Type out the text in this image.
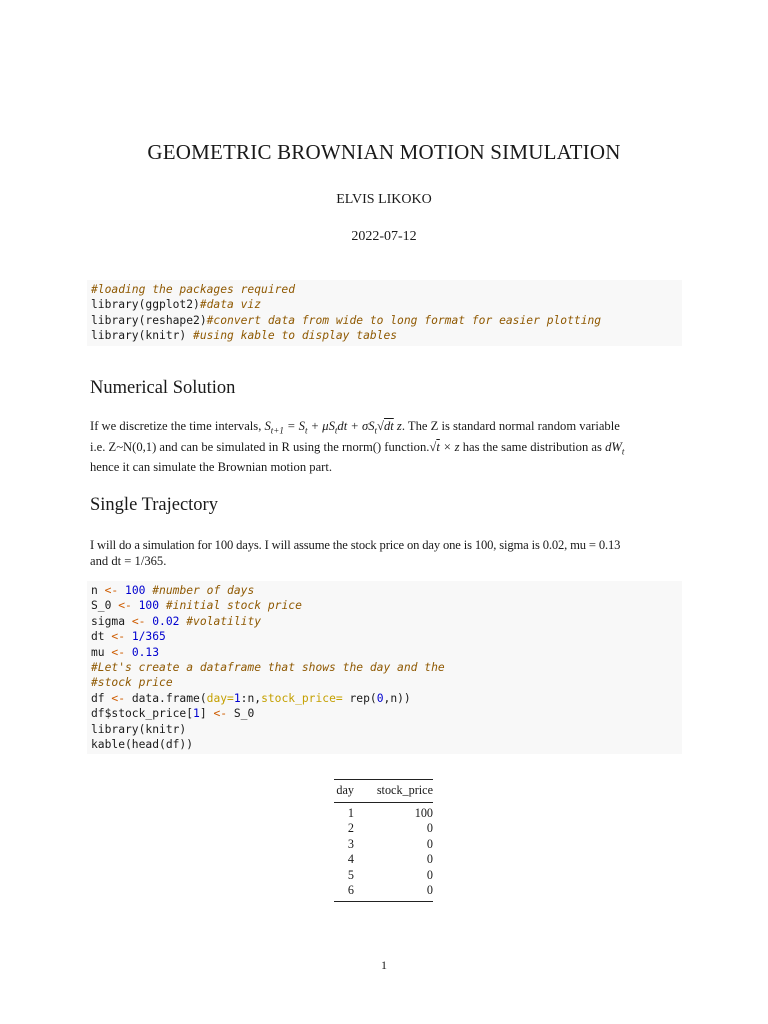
GEOMETRIC BROWNIAN MOTION SIMULATION
ELVIS LIKOKO
2022-07-12
#loading the packages required
library(ggplot2)#data viz
library(reshape2)#convert data from wide to long format for easier plotting
library(knitr) #using kable to display tables
Numerical Solution
If we discretize the time intervals, $S_{t+1} = S_t + \mu S_tdt + \sigma S_t√dt$ z. The Z is standard normal random variable
i.e. Z~N(0,1) and can be simulated in R using the rnorm() function.√t × z has the same distribution as $dW_t$
hence it can simulate the Brownian motion part.
Single Trajectory
I will do a simulation for 100 days. I will assume the stock price on day one is 100, sigma is 0.02, mu = 0.13
and dt = 1/365.
n <- 100 #number of days
S_0 <- 100 #initial stock price
sigma <- 0.02 #volatility
dt <- 1/365
mu <- 0.13
#Let's create a dataframe that shows the day and the
#stock price
df <- data.frame(day=1:n,stock_price= rep(0,n))
df$stock_price[1] <- S_0
library(knitr)
kable(head(df))
day	stock_price
1	100
2	0
3	0
4	0
5	0
6	0
1
